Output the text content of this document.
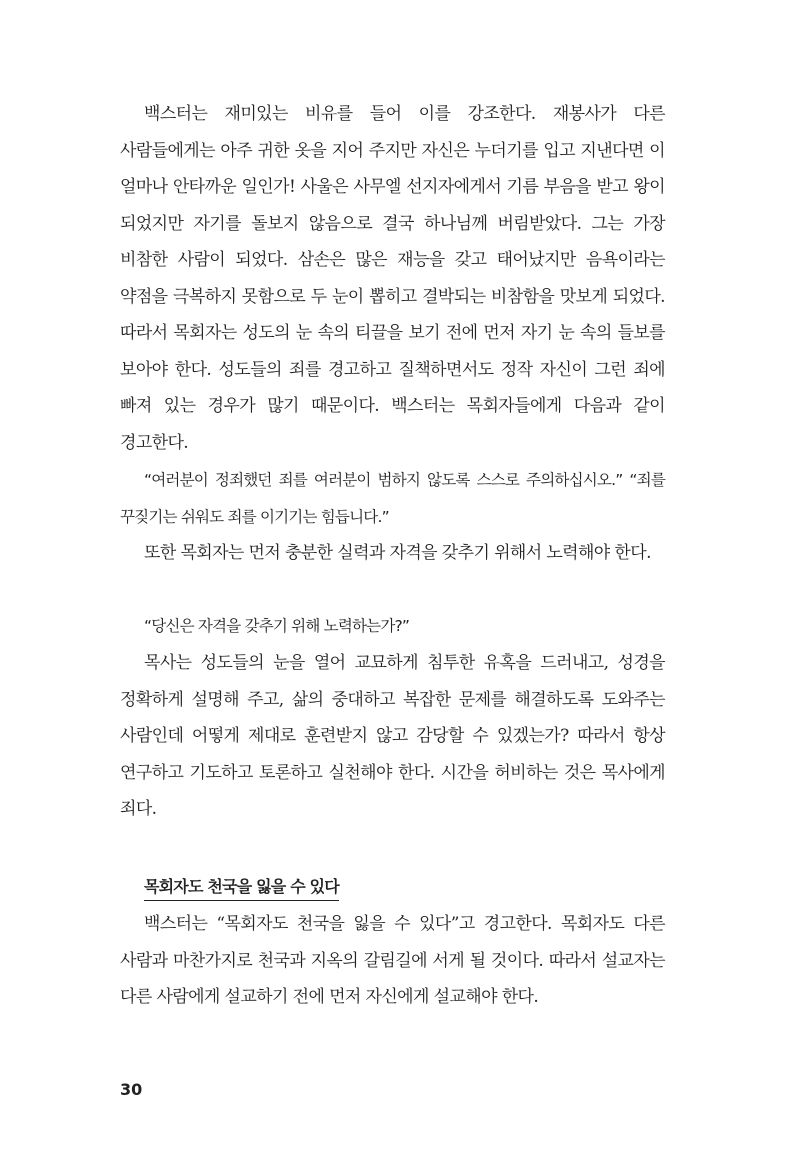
백스터는 재미있는 비유를 들어 이를 강조한다. 재봉사가 다른 사람들에게는 아주 귀한 옷을 지어 주지만 자신은 누더기를 입고 지낸다면 이 얼마나 안타까운 일인가! 사울은 사무엘 선지자에게서 기름 부음을 받고 왕이 되었지만 자기를 돌보지 않음으로 결국 하나님께 버림받았다. 그는 가장 비참한 사람이 되었다. 삼손은 많은 재능을 갖고 태어났지만 음욕이라는 약점을 극복하지 못함으로 두 눈이 뽑히고 결박되는 비참함을 맛보게 되었다. 따라서 목회자는 성도의 눈 속의 티끌을 보기 전에 먼저 자기 눈 속의 들보를 보아야 한다. 성도들의 죄를 경고하고 질책하면서도 정작 자신이 그런 죄에 빠져 있는 경우가 많기 때문이다. 백스터는 목회자들에게 다음과 같이 경고한다.

“여러분이 정죄했던 죄를 여러분이 범하지 않도록 스스로 주의하십시오.” “죄를 꾸짖기는 쉬워도 죄를 이기기는 힘듭니다.”

또한 목회자는 먼저 충분한 실력과 자격을 갖추기 위해서 노력해야 한다.

“당신은 자격을 갖추기 위해 노력하는가?”

목사는 성도들의 눈을 열어 교묘하게 침투한 유혹을 드러내고, 성경을 정확하게 설명해 주고, 삶의 중대하고 복잡한 문제를 해결하도록 도와주는 사람인데 어떻게 제대로 훈련받지 않고 감당할 수 있겠는가? 따라서 항상 연구하고 기도하고 토론하고 실천해야 한다. 시간을 허비하는 것은 목사에게 죄다.

목회자도 천국을 잃을 수 있다

백스터는 “목회자도 천국을 잃을 수 있다”고 경고한다. 목회자도 다른 사람과 마찬가지로 천국과 지옥의 갈림길에 서게 될 것이다. 따라서 설교자는 다른 사람에게 설교하기 전에 먼저 자신에게 설교해야 한다.

30
